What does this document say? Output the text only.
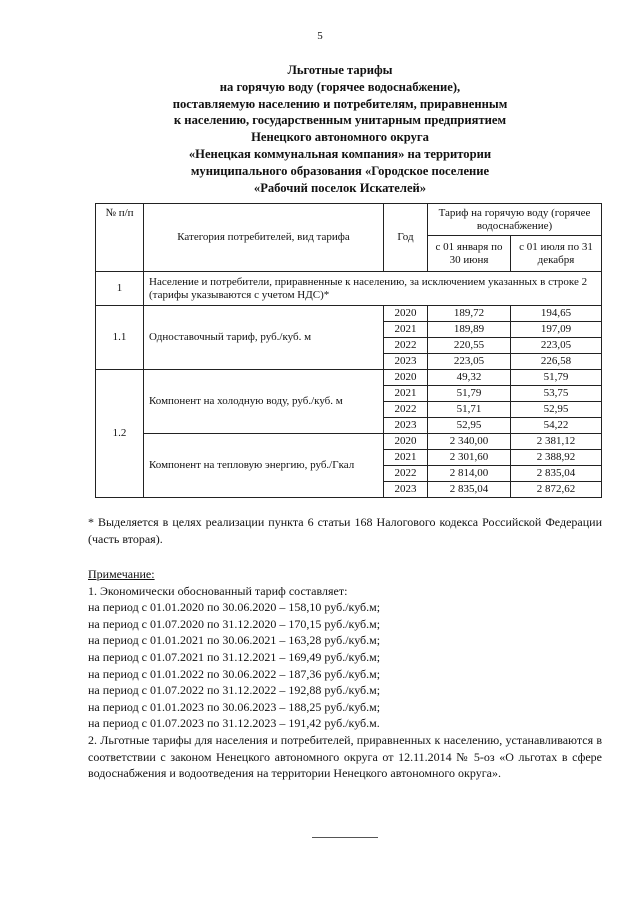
5
Льготные тарифы
на горячую воду (горячее водоснабжение),
поставляемую населению и потребителям, приравненным
к населению, государственным унитарным предприятием
Ненецкого автономного округа
«Ненецкая коммунальная компания» на территории
муниципального образования «Городское поселение
«Рабочий поселок Искателей»
№ п/п	Категория потребителей, вид тарифа	Год	Тариф на горячую воду (горячее водоснабжение)	
			с 01 января по 30 июня	с 01 июля по 31 декабря
1	Население и потребители, приравненные к населению, за исключением указанных в строке 2 (тарифы указываются с учетом НДС)*			
1.1	Одноставочный тариф, руб./куб. м	2020	189,72	194,65
		2021	189,89	197,09
		2022	220,55	223,05
		2023	223,05	226,58
1.2	Компонент на холодную воду, руб./куб. м	2020	49,32	51,79
		2021	51,79	53,75
		2022	51,71	52,95
		2023	52,95	54,22
	Компонент на тепловую энергию, руб./Гкал	2020	2 340,00	2 381,12
		2021	2 301,60	2 388,92
		2022	2 814,00	2 835,04
		2023	2 835,04	2 872,62
* Выделяется в целях реализации пункта 6 статьи 168 Налогового кодекса Российской Федерации (часть вторая).
Примечание:
1. Экономически обоснованный тариф составляет:
на период с 01.01.2020 по 30.06.2020 – 158,10 руб./куб.м;
на период с 01.07.2020 по 31.12.2020 – 170,15 руб./куб.м;
на период с 01.01.2021 по 30.06.2021 – 163,28 руб./куб.м;
на период с 01.07.2021 по 31.12.2021 – 169,49 руб./куб.м;
на период с 01.01.2022 по 30.06.2022 – 187,36 руб./куб.м;
на период с 01.07.2022 по 31.12.2022 – 192,88 руб./куб.м;
на период с 01.01.2023 по 30.06.2023 – 188,25 руб./куб.м;
на период с 01.07.2023 по 31.12.2023 – 191,42 руб./куб.м.
2. Льготные тарифы для населения и потребителей, приравненных к населению, устанавливаются в соответствии с законом Ненецкого автономного округа от 12.11.2014 № 5-оз «О льготах в сфере водоснабжения и водоотведения на территории Ненецкого автономного округа».
